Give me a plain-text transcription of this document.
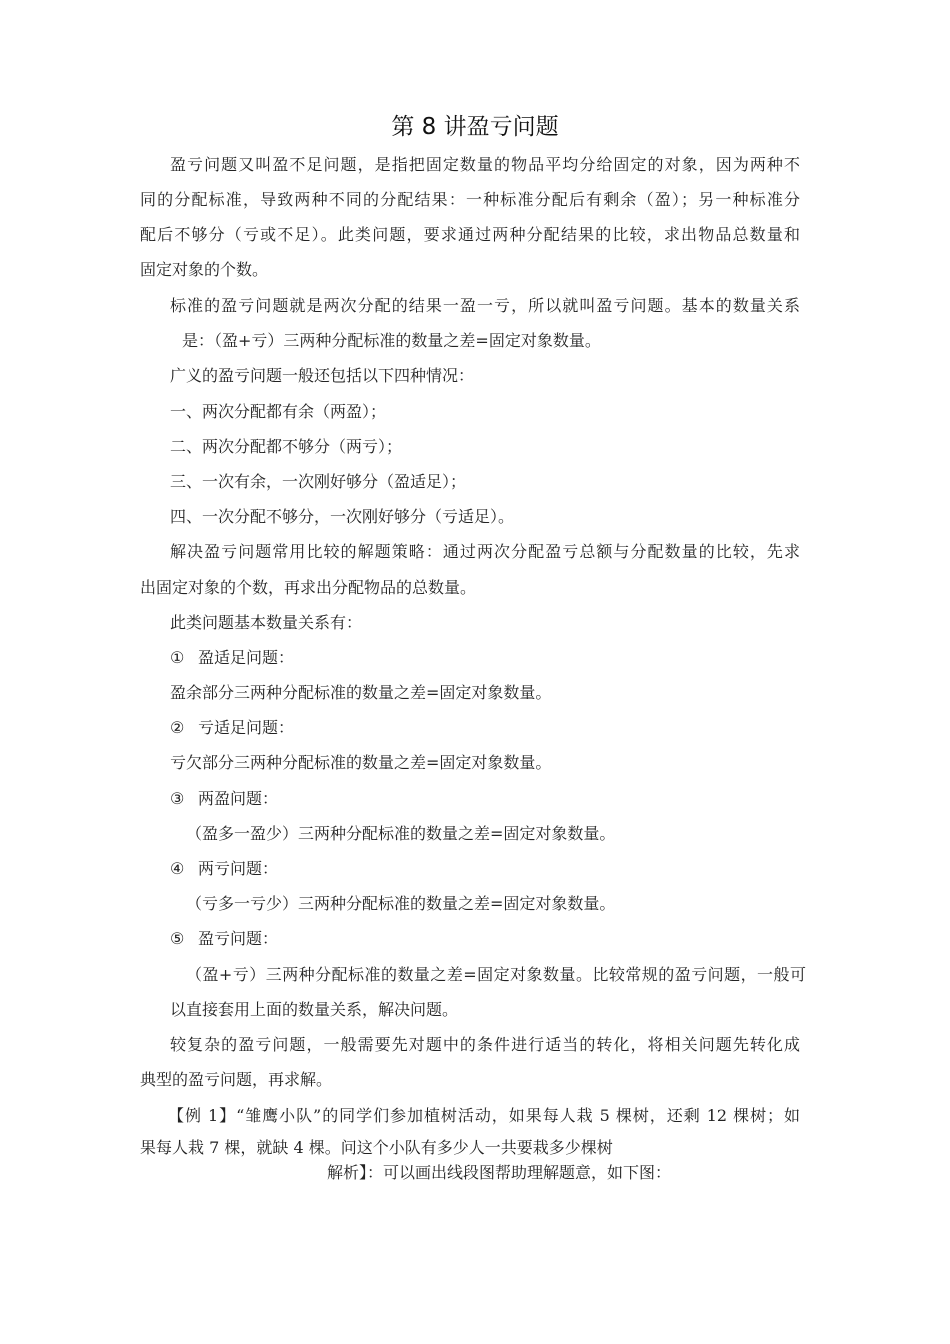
第 8 讲盈亏问题
盈亏问题又叫盈不足问题，是指把固定数量的物品平均分给固定的对象，因为两种不
同的分配标准，导致两种不同的分配结果：一种标准分配后有剩余（盈）；另一种标准分
配后不够分（亏或不足）。此类问题，要求通过两种分配结果的比较，求出物品总数量和
固定对象的个数。
标准的盈亏问题就是两次分配的结果一盈一亏，所以就叫盈亏问题。基本的数量关系
是：（盈+亏）三两种分配标准的数量之差=固定对象数量。
广义的盈亏问题一般还包括以下四种情况：
一、两次分配都有余（两盈）；
二、两次分配都不够分（两亏）；
三、一次有余，一次刚好够分（盈适足）；
四、一次分配不够分，一次刚好够分（亏适足）。
解决盈亏问题常用比较的解题策略：通过两次分配盈亏总额与分配数量的比较，先求
出固定对象的个数，再求出分配物品的总数量。
此类问题基本数量关系有：
① 盈适足问题：
盈余部分三两种分配标准的数量之差=固定对象数量。
② 亏适足问题：
亏欠部分三两种分配标准的数量之差=固定对象数量。
③ 两盈问题：
（盈多一盈少）三两种分配标准的数量之差=固定对象数量。
④ 两亏问题：
（亏多一亏少）三两种分配标准的数量之差=固定对象数量。
⑤ 盈亏问题：
（盈+亏）三两种分配标准的数量之差=固定对象数量。比较常规的盈亏问题，一般可
以直接套用上面的数量关系，解决问题。
较复杂的盈亏问题，一般需要先对题中的条件进行适当的转化，将相关问题先转化成
典型的盈亏问题，再求解。
【例 1】“雏鹰小队”的同学们参加植树活动，如果每人栽 5 棵树，还剩 12 棵树；如
果每人栽 7 棵，就缺 4 棵。问这个小队有多少人一共要栽多少棵树
解析】：可以画出线段图帮助理解题意，如下图：
